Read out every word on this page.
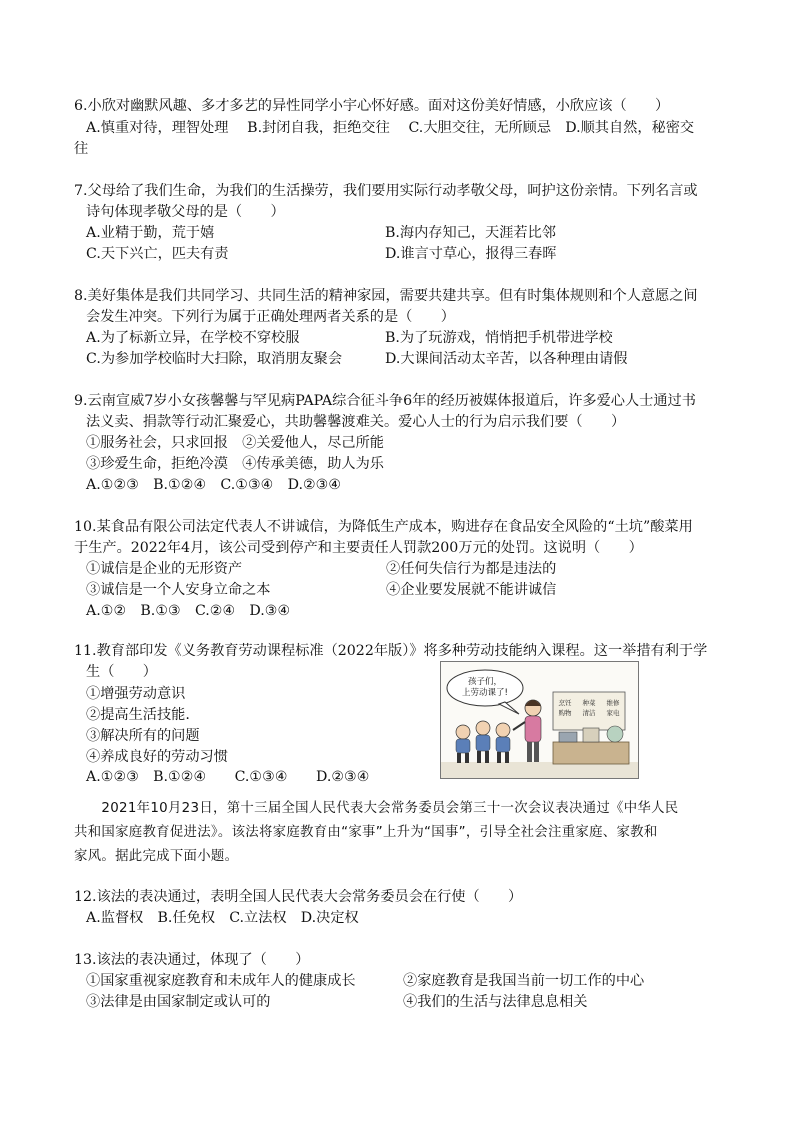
6.小欣对幽默风趣、多才多艺的异性同学小宇心怀好感。面对这份美好情感，小欣应该（　　）
A.慎重对待，理智处理　 B.封闭自我，拒绝交往　 C.大胆交往，无所顾忌　D.顺其自然，秘密交
往
7.父母给了我们生命，为我们的生活操劳，我们要用实际行动孝敬父母，呵护这份亲情。下列名言或
诗句体现孝敬父母的是（　　）
A.业精于勤，荒于嬉	B.海内存知己，天涯若比邻
C.天下兴亡，匹夫有责	D.谁言寸草心，报得三春晖
8.美好集体是我们共同学习、共同生活的精神家园，需要共建共享。但有时集体规则和个人意愿之间
会发生冲突。下列行为属于正确处理两者关系的是（　　）
A.为了标新立异，在学校不穿校服	B.为了玩游戏，悄悄把手机带进学校
C.为参加学校临时大扫除，取消朋友聚会	D.大课间活动太辛苦，以各种理由请假
9.云南宣威7岁小女孩馨馨与罕见病PAPA综合征斗争6年的经历被媒体报道后，许多爱心人士通过书
法义卖、捐款等行动汇聚爱心，共助馨馨渡难关。爱心人士的行为启示我们要（　　）
①服务社会，只求回报　②关爱他人，尽己所能
③珍爱生命，拒绝冷漠　④传承美德，助人为乐
A.①②③　B.①②④　C.①③④　D.②③④
10.某食品有限公司法定代表人不讲诚信，为降低生产成本，购进存在食品安全风险的“土坑”酸菜用
于生产。2022年4月，该公司受到停产和主要责任人罚款200万元的处罚。这说明（　　）
①诚信是企业的无形资产	②任何失信行为都是违法的
③诚信是一个人安身立命之本	④企业要发展就不能讲诚信
A.①②　B.①③　C.②④　D.③④
11.教育部印发《义务教育劳动课程标准（2022年版）》将多种劳动技能纳入课程。这一举措有利于学
生（　　）
①增强劳动意识
②提高生活技能.
③解决所有的问题
④养成良好的劳动习惯
A.①②③　B.①②④　　C.①③④　　D.②③④
孩子们，
上劳动课了!
烹饪 种菜 维修
购物 清洁 家电
　　2021年10月23日，第十三届全国人民代表大会常务委员会第三十一次会议表决通过《中华人民
共和国家庭教育促进法》。该法将家庭教育由“家事”上升为“国事”，引导全社会注重家庭、家教和
家风。据此完成下面小题。
12.该法的表决通过，表明全国人民代表大会常务委员会在行使（　　）
A.监督权　B.任免权　C.立法权　D.决定权
13.该法的表决通过，体现了（　　）
①国家重视家庭教育和未成年人的健康成长	②家庭教育是我国当前一切工作的中心
③法律是由国家制定或认可的	④我们的生活与法律息息相关
